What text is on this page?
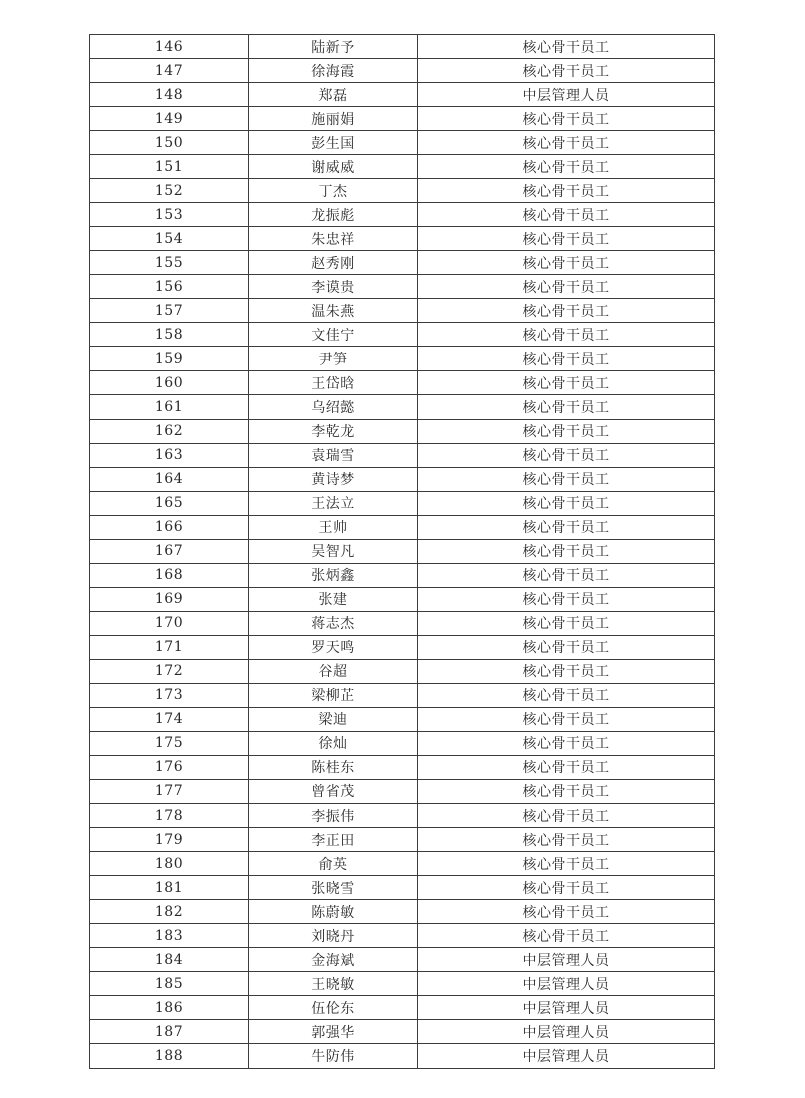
146	陆新予	核心骨干员工
147	徐海霞	核心骨干员工
148	郑磊	中层管理人员
149	施丽娟	核心骨干员工
150	彭生国	核心骨干员工
151	谢威威	核心骨干员工
152	丁杰	核心骨干员工
153	龙振彪	核心骨干员工
154	朱忠祥	核心骨干员工
155	赵秀刚	核心骨干员工
156	李谟贵	核心骨干员工
157	温朱燕	核心骨干员工
158	文佳宁	核心骨干员工
159	尹笋	核心骨干员工
160	王岱晗	核心骨干员工
161	乌绍懿	核心骨干员工
162	李乾龙	核心骨干员工
163	袁瑞雪	核心骨干员工
164	黄诗梦	核心骨干员工
165	王法立	核心骨干员工
166	王帅	核心骨干员工
167	吴智凡	核心骨干员工
168	张炳鑫	核心骨干员工
169	张建	核心骨干员工
170	蒋志杰	核心骨干员工
171	罗天鸣	核心骨干员工
172	谷超	核心骨干员工
173	梁柳芷	核心骨干员工
174	梁迪	核心骨干员工
175	徐灿	核心骨干员工
176	陈桂东	核心骨干员工
177	曾省茂	核心骨干员工
178	李振伟	核心骨干员工
179	李正田	核心骨干员工
180	俞英	核心骨干员工
181	张晓雪	核心骨干员工
182	陈蔚敏	核心骨干员工
183	刘晓丹	核心骨干员工
184	金海斌	中层管理人员
185	王晓敏	中层管理人员
186	伍伦东	中层管理人员
187	郭强华	中层管理人员
188	牛防伟	中层管理人员
